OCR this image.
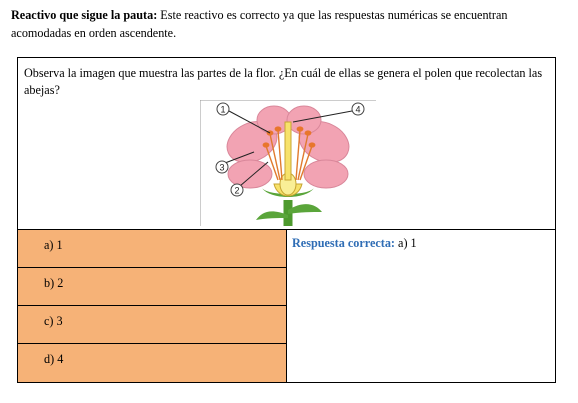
Reactivo que sigue la pauta: Este reactivo es correcto ya que las respuestas numéricas se encuentran acomodadas en orden ascendente.
Observa la imagen que muestra las partes de la flor. ¿En cuál de ellas se genera el polen que recolectan las abejas?
1	4
3
2
a) 1
b) 2
c) 3
d) 4
Respuesta correcta: a) 1
